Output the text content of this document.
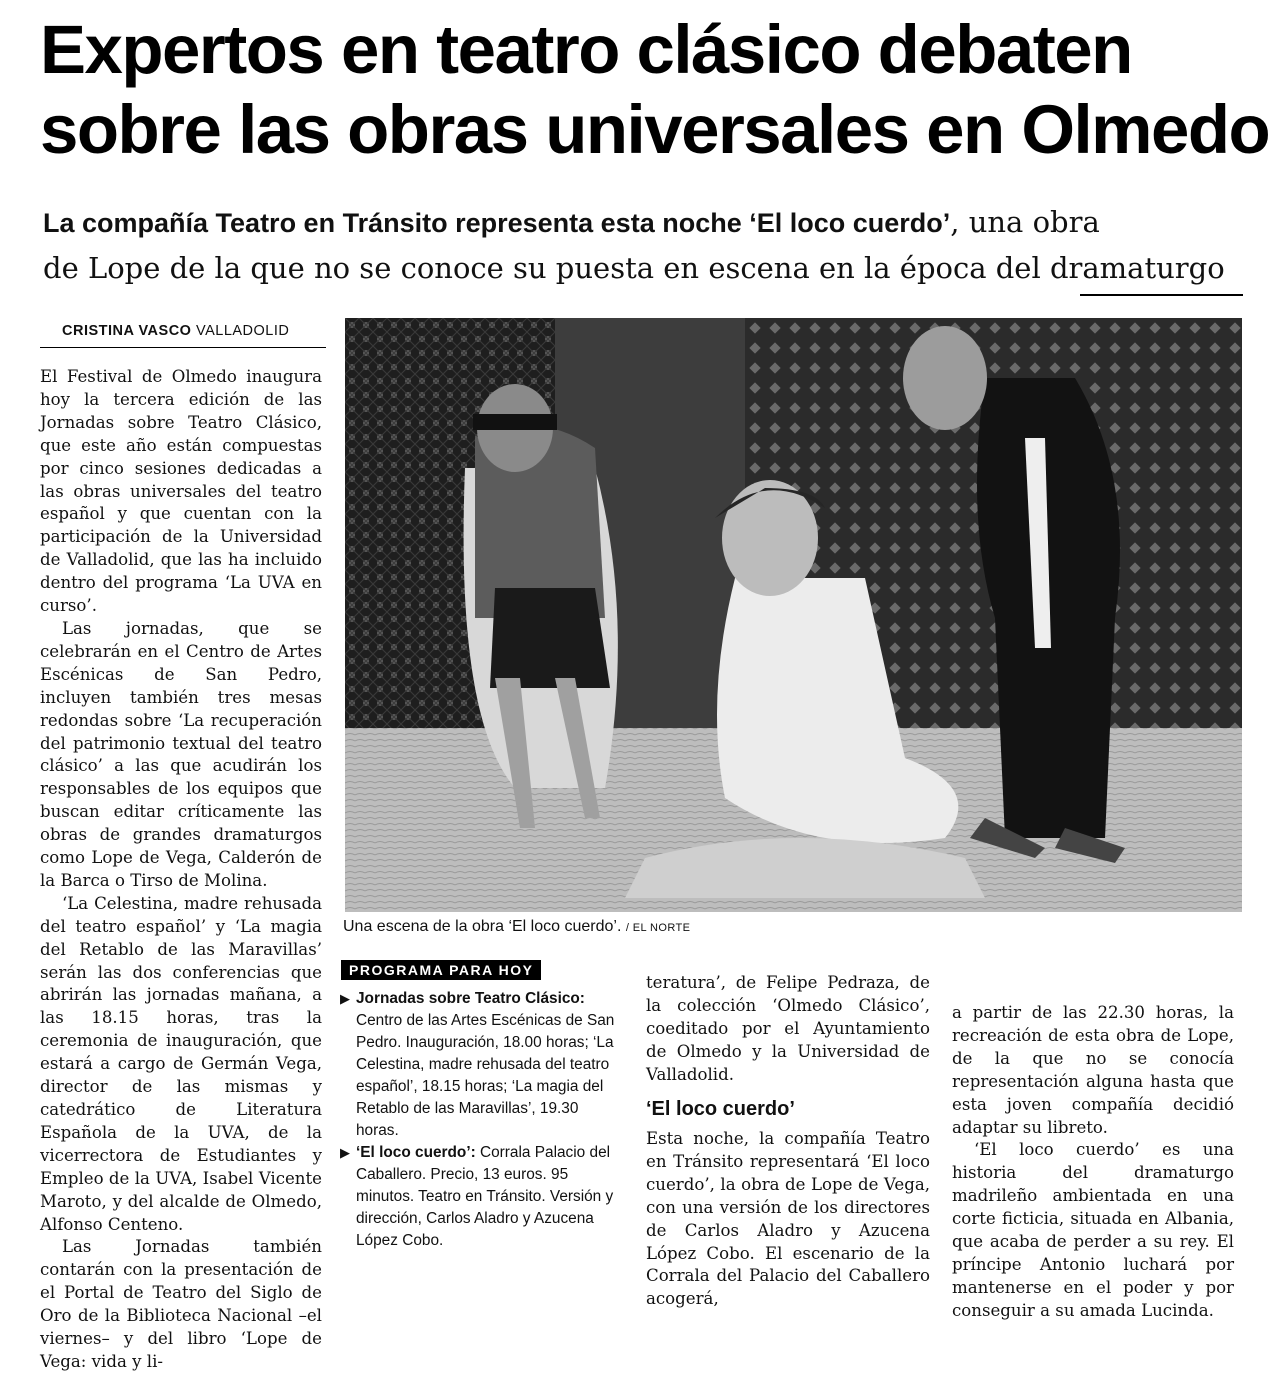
Expertos en teatro clásico debaten
sobre las obras universales en Olmedo
La compañía Teatro en Tránsito representa esta noche ‘El loco cuerdo’, una obra
de Lope de la que no se conoce su puesta en escena en la época del dramaturgo
CRISTINA VASCO VALLADOLID

El Festival de Olmedo inaugura hoy la tercera edición de las Jornadas sobre Teatro Clásico, que este año están compuestas por cinco sesiones dedicadas a las obras universales del teatro español y que cuentan con la participación de la Universidad de Valladolid, que las ha incluido dentro del programa ‘La UVA en curso’.

Las jornadas, que se celebrarán en el Centro de Artes Escénicas de San Pedro, incluyen también tres mesas redondas sobre ‘La recuperación del patrimonio textual del teatro clásico’ a las que acudirán los responsables de los equipos que buscan editar críticamente las obras de grandes dramaturgos como Lope de Vega, Calderón de la Barca o Tirso de Molina.

‘La Celestina, madre rehusada del teatro español’ y ‘La magia del Retablo de las Maravillas’ serán las dos conferencias que abrirán las jornadas mañana, a las 18.15 horas, tras la ceremonia de inauguración, que estará a cargo de Germán Vega, director de las mismas y catedrático de Literatura Española de la UVA, de la vicerrectora de Estudiantes y Empleo de la UVA, Isabel Vicente Maroto, y del alcalde de Olmedo, Alfonso Centeno.

Las Jornadas también contarán con la presentación de el Portal de Teatro del Siglo de Oro de la Biblioteca Nacional –el viernes– y del libro ‘Lope de Vega: vida y li-

Una escena de la obra ‘El loco cuerdo’. / EL NORTE
PROGRAMA PARA HOY

▶ Jornadas sobre Teatro Clásico: Centro de las Artes Escénicas de San Pedro. Inauguración, 18.00 horas; ‘La Celestina, madre rehusada del teatro español’, 18.15 horas; ‘La magia del Retablo de las Maravillas’, 19.30 horas.

▶ ‘El loco cuerdo’: Corrala Palacio del Caballero. Precio, 13 euros. 95 minutos. Teatro en Tránsito. Versión y dirección, Carlos Aladro y Azucena López Cobo.

teratura’, de Felipe Pedraza, de la colección ‘Olmedo Clásico’, coeditado por el Ayuntamiento de Olmedo y la Universidad de Valladolid.

‘El loco cuerdo’

Esta noche, la compañía Teatro en Tránsito representará ‘El loco cuerdo’, la obra de Lope de Vega, con una versión de los directores de Carlos Aladro y Azucena López Cobo. El escenario de la Corrala del Palacio del Caballero acogerá,

a partir de las 22.30 horas, la recreación de esta obra de Lope, de la que no se conocía representación alguna hasta que esta joven compañía decidió adaptar su libreto.

‘El loco cuerdo’ es una historia del dramaturgo madrileño ambientada en una corte ficticia, situada en Albania, que acaba de perder a su rey. El príncipe Antonio luchará por mantenerse en el poder y por conseguir a su amada Lucinda.
